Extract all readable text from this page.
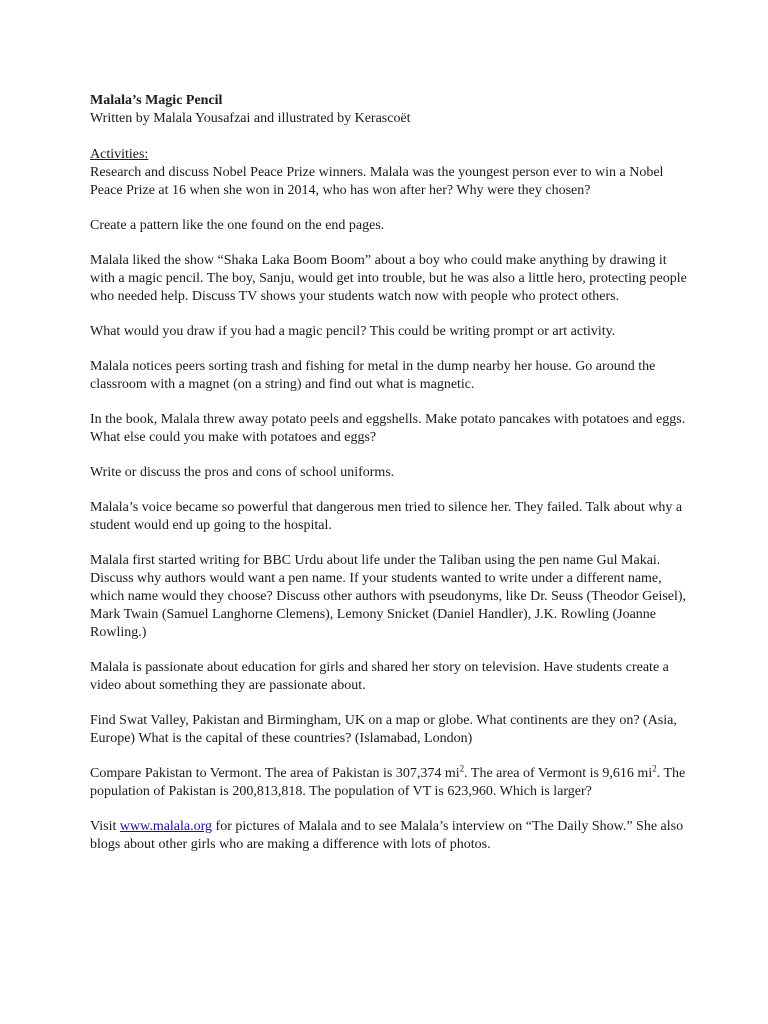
Malala’s Magic Pencil

Written by Malala Yousafzai and illustrated by Kerascoët

Activities:

Research and discuss Nobel Peace Prize winners. Malala was the youngest person ever to win a Nobel Peace Prize at 16 when she won in 2014, who has won after her? Why were they chosen?

Create a pattern like the one found on the end pages.

Malala liked the show “Shaka Laka Boom Boom” about a boy who could make anything by drawing it with a magic pencil. The boy, Sanju, would get into trouble, but he was also a little hero, protecting people who needed help. Discuss TV shows your students watch now with people who protect others.

What would you draw if you had a magic pencil? This could be writing prompt or art activity.

Malala notices peers sorting trash and fishing for metal in the dump nearby her house. Go around the classroom with a magnet (on a string) and find out what is magnetic.

In the book, Malala threw away potato peels and eggshells. Make potato pancakes with potatoes and eggs. What else could you make with potatoes and eggs?

Write or discuss the pros and cons of school uniforms.

Malala’s voice became so powerful that dangerous men tried to silence her. They failed. Talk about why a student would end up going to the hospital.

Malala first started writing for BBC Urdu about life under the Taliban using the pen name Gul Makai. Discuss why authors would want a pen name. If your students wanted to write under a different name, which name would they choose? Discuss other authors with pseudonyms, like Dr. Seuss (Theodor Geisel), Mark Twain (Samuel Langhorne Clemens), Lemony Snicket (Daniel Handler), J.K. Rowling (Joanne Rowling.)

Malala is passionate about education for girls and shared her story on television. Have students create a video about something they are passionate about.

Find Swat Valley, Pakistan and Birmingham, UK on a map or globe. What continents are they on? (Asia, Europe) What is the capital of these countries? (Islamabad, London)

Compare Pakistan to Vermont. The area of Pakistan is 307,374 $mi^2$. The area of Vermont is 9,616 $mi^2$. The population of Pakistan is 200,813,818. The population of VT is 623,960. Which is larger?

Visit www.malala.org for pictures of Malala and to see Malala’s interview on “The Daily Show.” She also blogs about other girls who are making a difference with lots of photos.
